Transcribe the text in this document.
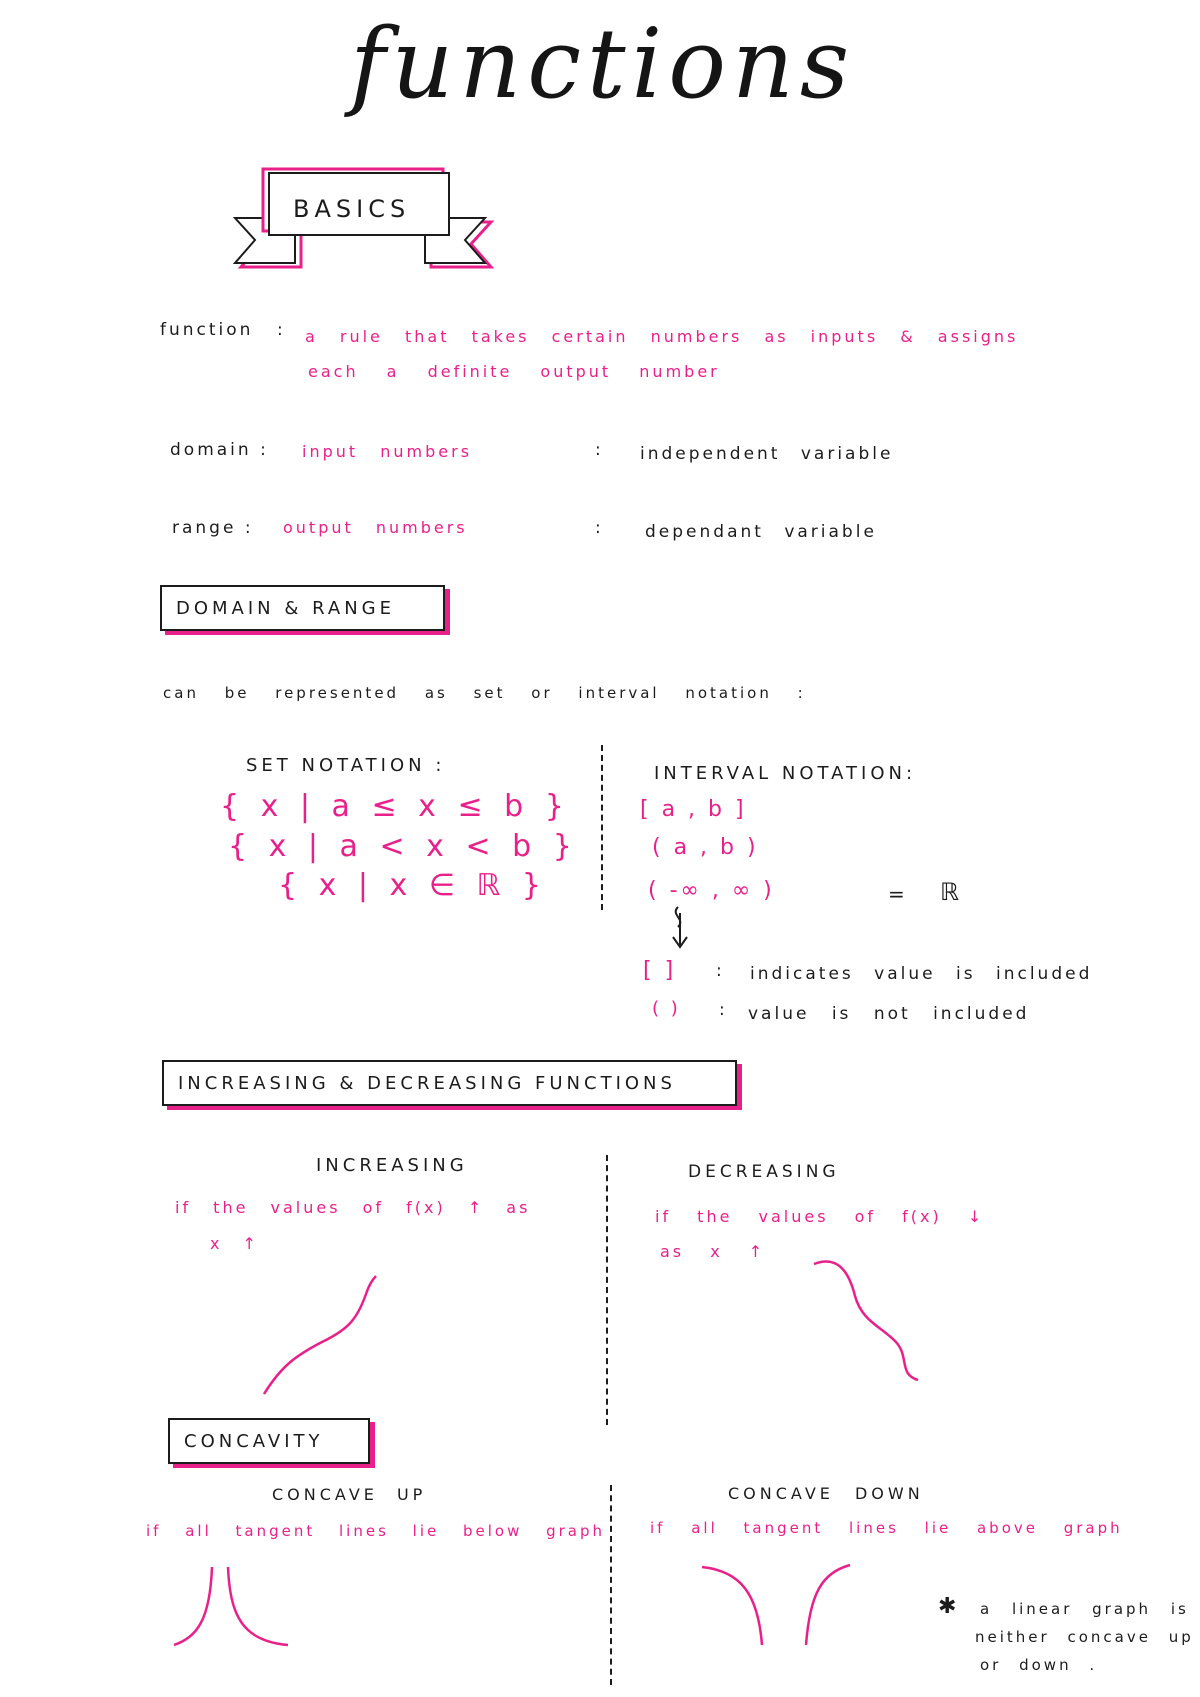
functions
BASICS
function : a rule that takes certain numbers as inputs & assigns
each a definite output number
domain : input numbers	: independent variable
range : output numbers	: dependant variable
DOMAIN & RANGE
can be represented as set or interval notation :
SET NOTATION :
{ x | a ≤ x ≤ b }
{ x | a < x < b }
{ x | x ∈ ℝ }
INTERVAL NOTATION:
[ a , b ]
( a , b )
( -∞ , ∞ )	= ℝ
[ ] : indicates value is included
( ) : value is not included
INCREASING & DECREASING FUNCTIONS
INCREASING
if the values of f(x) ↑ as
x ↑
DECREASING
if the values of f(x) ↓
as x ↑
CONCAVITY
CONCAVE UP
if all tangent lines lie below graph
CONCAVE DOWN
if all tangent lines lie above graph
✱ a linear graph is
neither concave up
or down .
